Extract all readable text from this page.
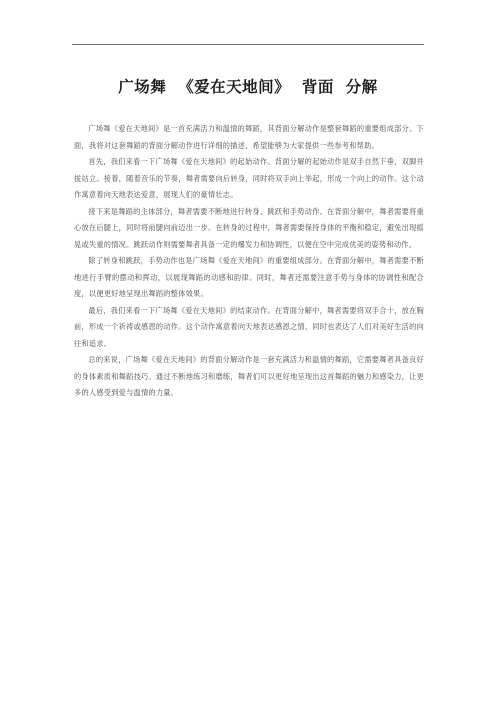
广场舞  《爱在天地间》  背面  分解

广场舞《爱在天地间》是一首充满活力和温情的舞蹈，其背面分解动作是整套舞蹈的重要组成部分。下面，我将对这套舞蹈的背面分解动作进行详细的描述，希望能够为大家提供一些参考和帮助。

首先，我们来看一下广场舞《爱在天地间》的起始动作。背面分解的起始动作是双手自然下垂，双脚并拢站立。接着，随着音乐的节奏，舞者需要向后转身，同时将双手向上举起，形成一个向上的动作。这个动作寓意着向天地表达爱意，展现人们的豪情壮志。

接下来是舞蹈的主体部分，舞者需要不断地进行转身、跳跃和手势动作。在背面分解中，舞者需要将重心放在后腿上，同时将前腿向前迈出一步。在转身的过程中，舞者需要保持身体的平衡和稳定，避免出现摇晃或失重的情况。跳跃动作则需要舞者具备一定的爆发力和协调性，以便在空中完成优美的姿势和动作。

除了转身和跳跃，手势动作也是广场舞《爱在天地间》的重要组成部分。在背面分解中，舞者需要不断地进行手臂的摆动和挥动，以展现舞蹈的动感和韵律。同时，舞者还需要注意手势与身体的协调性和配合度，以便更好地呈现出舞蹈的整体效果。

最后，我们来看一下广场舞《爱在天地间》的结束动作。在背面分解中，舞者需要将双手合十，放在胸前，形成一个祈祷或感恩的动作。这个动作寓意着向天地表达感恩之情，同时也表达了人们对美好生活的向往和追求。

总的来说，广场舞《爱在天地间》的背面分解动作是一套充满活力和温情的舞蹈，它需要舞者具备良好的身体素质和舞蹈技巧。通过不断地练习和磨练，舞者们可以更好地呈现出这首舞蹈的魅力和感染力，让更多的人感受到爱与温情的力量。
